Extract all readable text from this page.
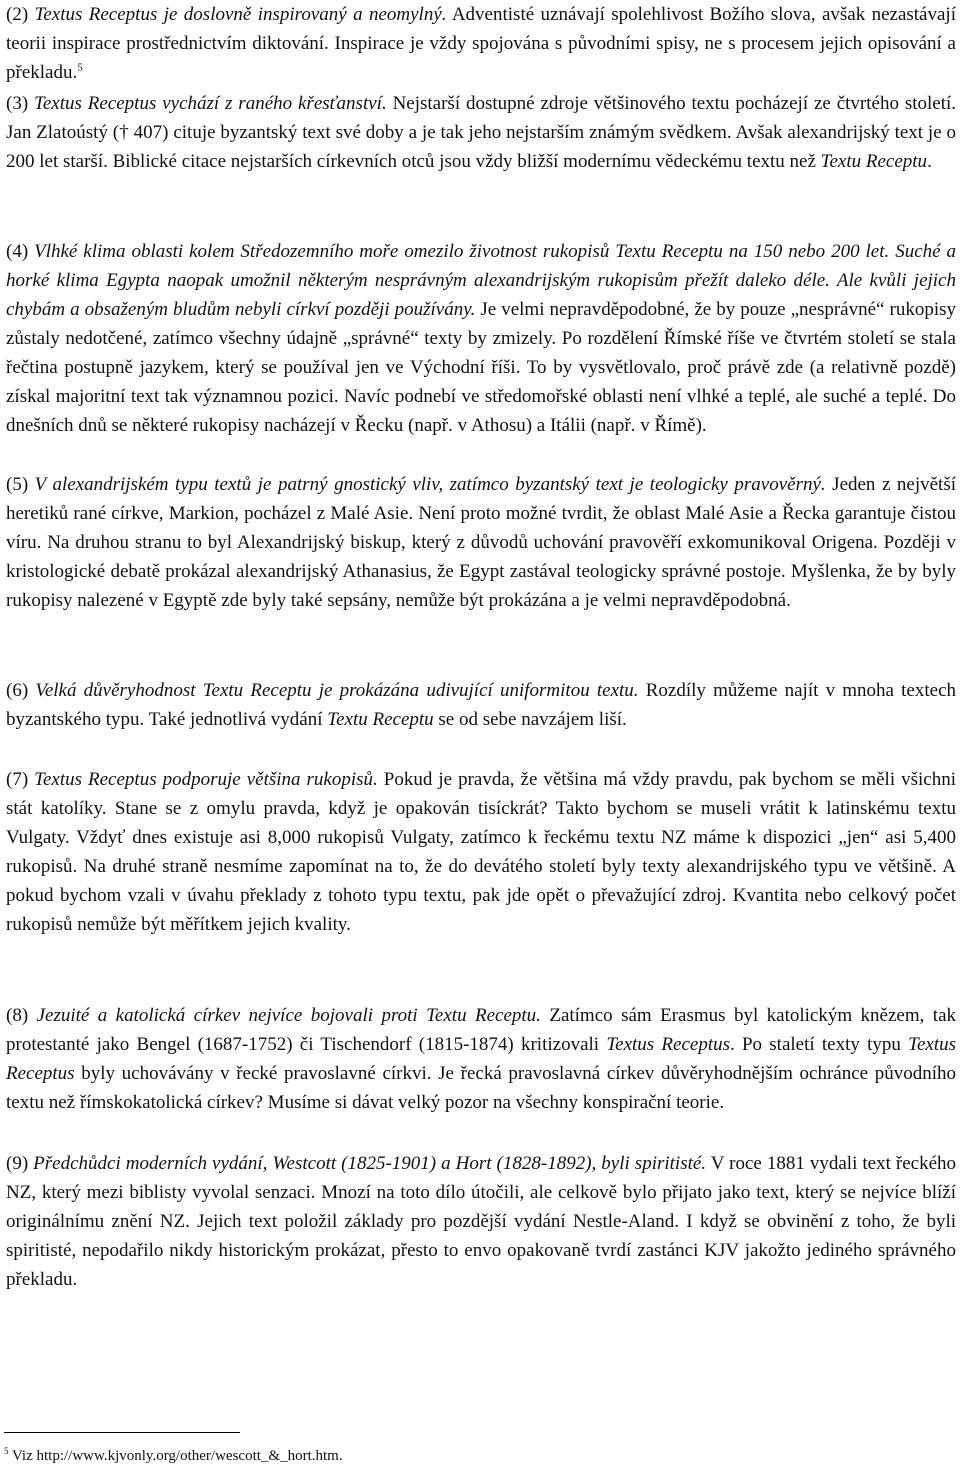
(2) Textus Receptus je doslovně inspirovaný a neomylný. Adventisté uznávají spolehlivost Božího slova, avšak nezastávají teorii inspirace prostřednictvím diktování. Inspirace je vždy spojována s původními spisy, ne s procesem jejich opisování a překladu.$^5$

(3) Textus Receptus vychází z raného křesťanství. Nejstarší dostupné zdroje většinového textu pocházejí ze čtvrtého století. Jan Zlatoústý († 407) cituje byzantský text své doby a je tak jeho nejstarším známým svědkem. Avšak alexandrijský text je o 200 let starší. Biblické citace nejstarších církevních otců jsou vždy bližší modernímu vědeckému textu než Textu Receptu.

(4) Vlhké klima oblasti kolem Středozemního moře omezilo životnost rukopisů Textu Receptu na 150 nebo 200 let. Suché a horké klima Egypta naopak umožnil některým nesprávným alexandrijským rukopisům přežít daleko déle. Ale kvůli jejich chybám a obsaženým bludům nebyli církví později používány. Je velmi nepravděpodobné, že by pouze „nesprávné“ rukopisy zůstaly nedotčené, zatímco všechny údajně „správné“ texty by zmizely. Po rozdělení Římské říše ve čtvrtém století se stala řečtina postupně jazykem, který se používal jen ve Východní říši. To by vysvětlovalo, proč právě zde (a relativně pozdě) získal majoritní text tak významnou pozici. Navíc podnebí ve středomořské oblasti není vlhké a teplé, ale suché a teplé. Do dnešních dnů se některé rukopisy nacházejí v Řecku (např. v Athosu) a Itálii (např. v Římě).

(5) V alexandrijském typu textů je patrný gnostický vliv, zatímco byzantský text je teologicky pravověrný. Jeden z největší heretiků rané církve, Markion, pocházel z Malé Asie. Není proto možné tvrdit, že oblast Malé Asie a Řecka garantuje čistou víru. Na druhou stranu to byl Alexandrijský biskup, který z důvodů uchování pravověří exkomunikoval Origena. Později v kristologické debatě prokázal alexandrijský Athanasius, že Egypt zastával teologicky správné postoje. Myšlenka, že by byly rukopisy nalezené v Egyptě zde byly také sepsány, nemůže být prokázána a je velmi nepravděpodobná.

(6) Velká důvěryhodnost Textu Receptu je prokázána udivující uniformitou textu. Rozdíly můžeme najít v mnoha textech byzantského typu. Také jednotlivá vydání Textu Receptu se od sebe navzájem liší.

(7) Textus Receptus podporuje většina rukopisů. Pokud je pravda, že většina má vždy pravdu, pak bychom se měli všichni stát katolíky. Stane se z omylu pravda, když je opakován tisíckrát? Takto bychom se museli vrátit k latinskému textu Vulgaty. Vždyť dnes existuje asi 8,000 rukopisů Vulgaty, zatímco k řeckému textu NZ máme k dispozici „jen“ asi 5,400 rukopisů. Na druhé straně nesmíme zapomínat na to, že do devátého století byly texty alexandrijského typu ve většině. A pokud bychom vzali v úvahu překlady z tohoto typu textu, pak jde opět o převažující zdroj. Kvantita nebo celkový počet rukopisů nemůže být měřítkem jejich kvality.

(8) Jezuité a katolická církev nejvíce bojovali proti Textu Receptu. Zatímco sám Erasmus byl katolickým knězem, tak protestanté jako Bengel (1687-1752) či Tischendorf (1815-1874) kritizovali Textus Receptus. Po staletí texty typu Textus Receptus byly uchovávány v řecké pravoslavné církvi. Je řecká pravoslavná církev důvěryhodnějším ochránce původního textu než římskokatolická církev? Musíme si dávat velký pozor na všechny konspirační teorie.

(9) Předchůdci moderních vydání, Westcott (1825-1901) a Hort (1828-1892), byli spiritisté. V roce 1881 vydali text řeckého NZ, který mezi biblisty vyvolal senzaci. Mnozí na toto dílo útočili, ale celkově bylo přijato jako text, který se nejvíce blíží originálnímu znění NZ. Jejich text položil základy pro pozdější vydání Nestle-Aland. I když se obvinění z toho, že byli spiritisté, nepodařilo nikdy historickým prokázat, přesto to envo opakovaně tvrdí zastánci KJV jakožto jediného správného překladu.

$^5$ Viz http://www.kjvonly.org/other/wescott_&_hort.htm.
